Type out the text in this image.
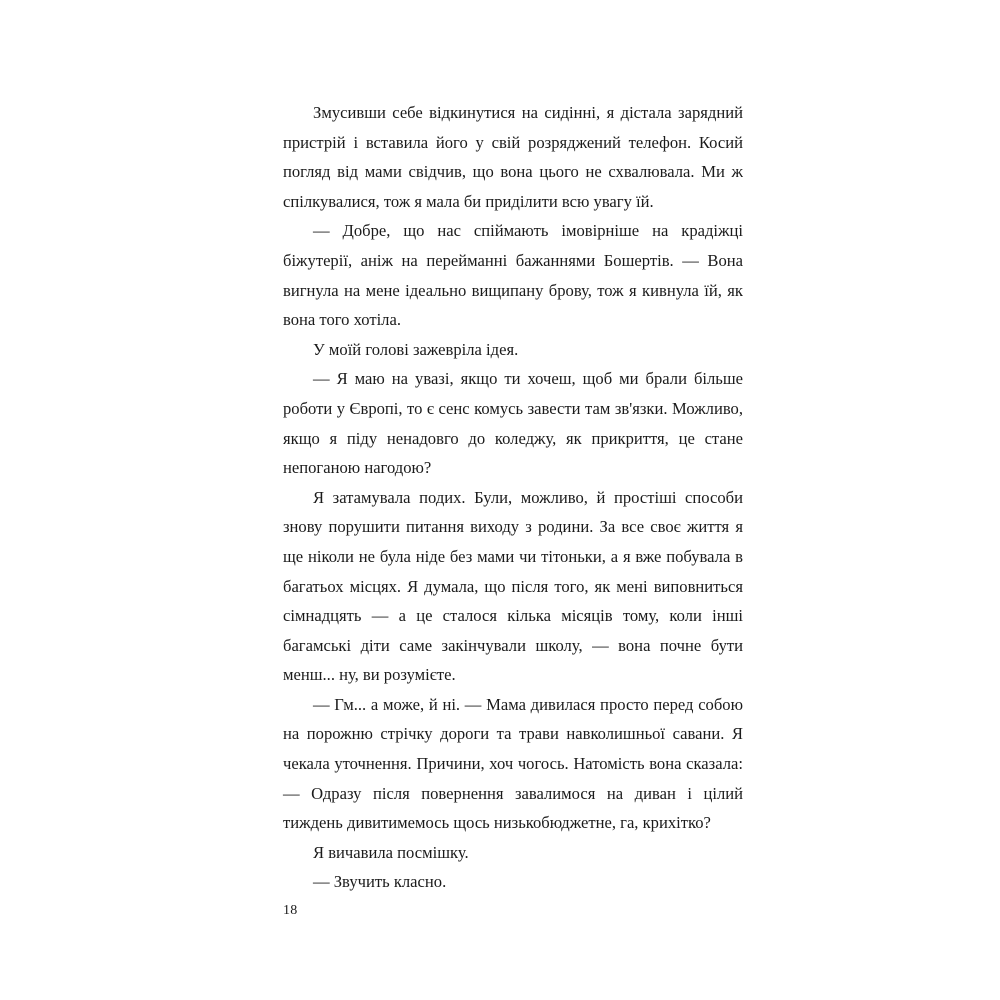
Змусивши себе відкинутися на сидінні, я дістала зарядний пристрій і вставила його у свій розряджений телефон. Косий погляд від мами свідчив, що вона цього не схвалювала. Ми ж спілкувалися, тож я мала би приділити всю увагу їй.

— Добре, що нас спіймають імовірніше на крадіжці біжутерії, аніж на перейманні бажаннями Бошертів. — Вона вигнула на мене ідеально вищипану брову, тож я кивнула їй, як вона того хотіла.

У моїй голові зажевріла ідея.

— Я маю на увазі, якщо ти хочеш, щоб ми брали більше роботи у Європі, то є сенс комусь завести там зв'язки. Можливо, якщо я піду ненадовго до коледжу, як прикриття, це стане непоганою нагодою?

Я затамувала подих. Були, можливо, й простіші способи знову порушити питання виходу з родини. За все своє життя я ще ніколи не була ніде без мами чи тітоньки, а я вже побувала в багатьох місцях. Я думала, що після того, як мені виповниться сімнадцять — а це сталося кілька місяців тому, коли інші багамські діти саме закінчували школу, — вона почне бути менш... ну, ви розумієте.

— Гм... а може, й ні. — Мама дивилася просто перед собою на порожню стрічку дороги та трави навколишньої савани. Я чекала уточнення. Причини, хоч чогось. Натомість вона сказала: — Одразу після повернення завалимося на диван і цілий тиждень дивитимемось щось низькобюджетне, га, крихітко?

Я вичавила посмішку.

— Звучить класно.

18
